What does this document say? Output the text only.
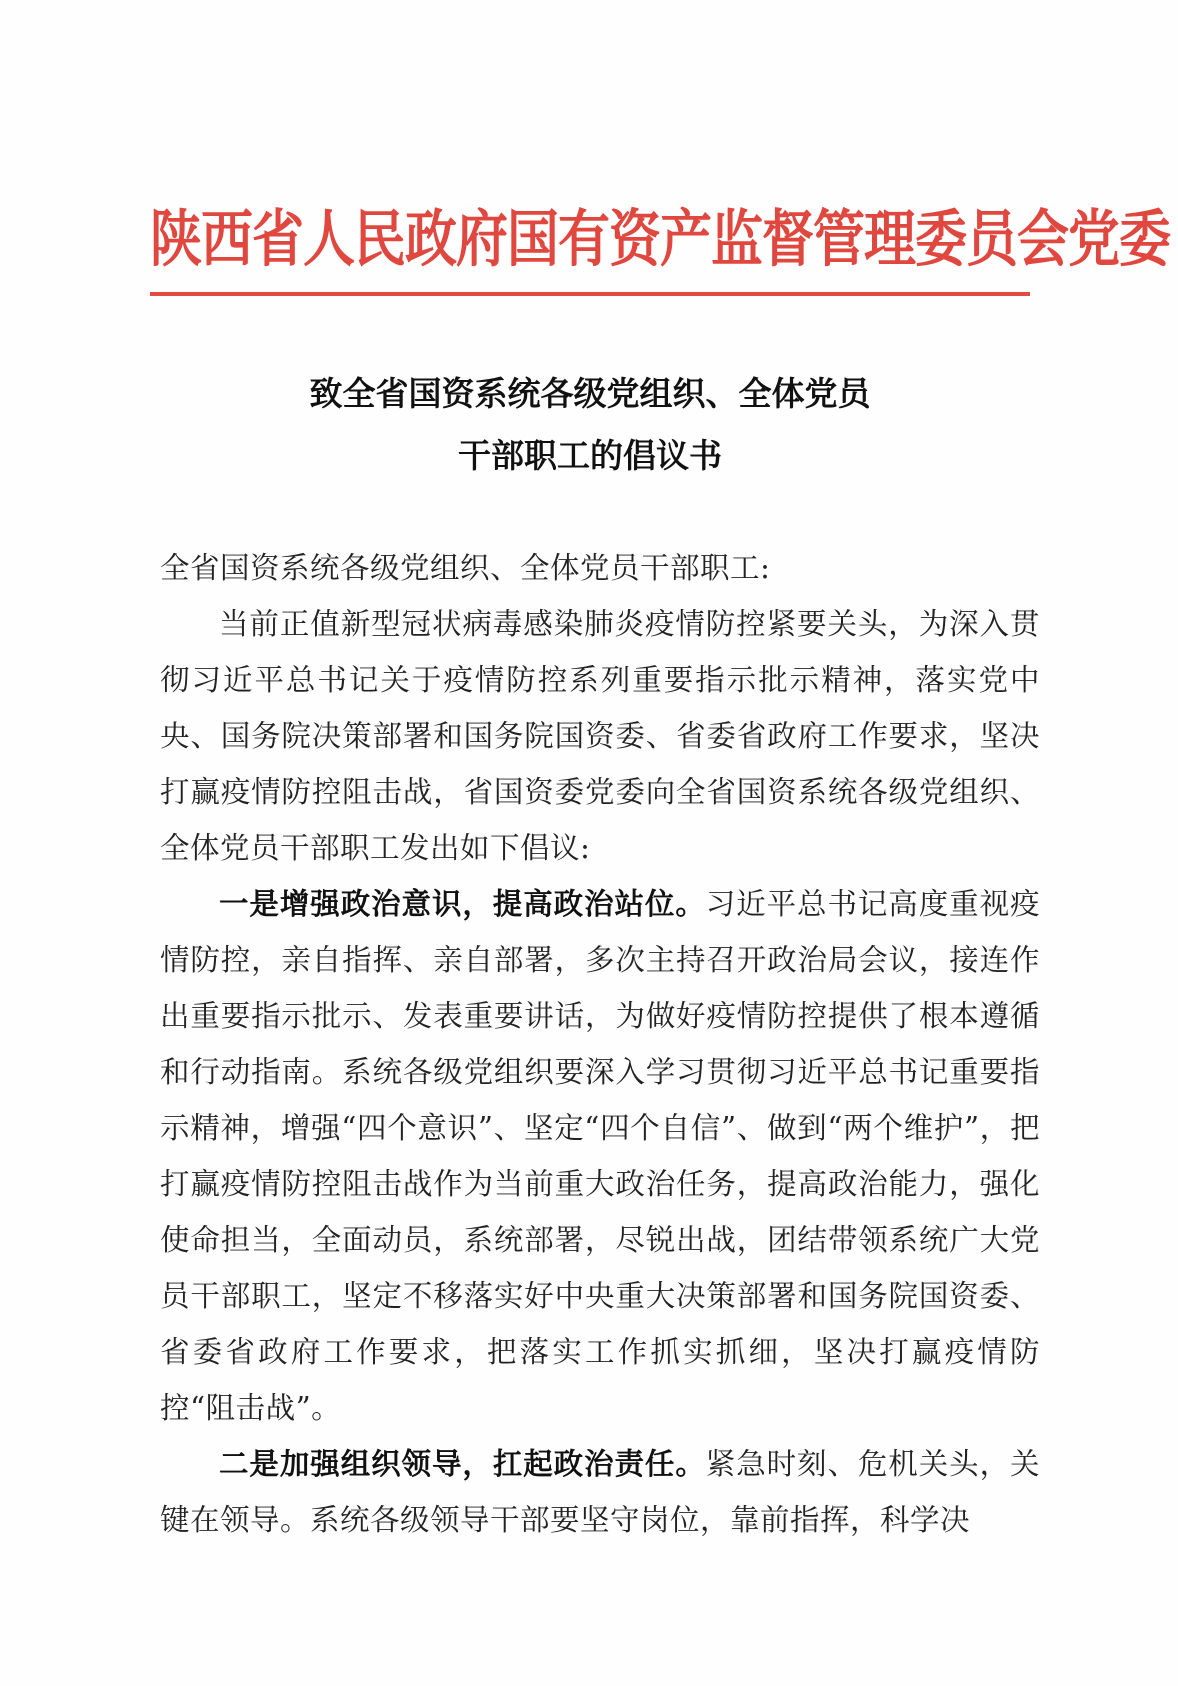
陕西省人民政府国有资产监督管理委员会党委
致全省国资系统各级党组织、全体党员
干部职工的倡议书

全省国资系统各级党组织、全体党员干部职工:

当前正值新型冠状病毒感染肺炎疫情防控紧要关头，为深入贯彻习近平总书记关于疫情防控系列重要指示批示精神，落实党中央、国务院决策部署和国务院国资委、省委省政府工作要求，坚决打赢疫情防控阻击战，省国资委党委向全省国资系统各级党组织、全体党员干部职工发出如下倡议:

一是增强政治意识，提高政治站位。习近平总书记高度重视疫情防控，亲自指挥、亲自部署，多次主持召开政治局会议，接连作出重要指示批示、发表重要讲话，为做好疫情防控提供了根本遵循和行动指南。系统各级党组织要深入学习贯彻习近平总书记重要指示精神，增强“四个意识”、坚定“四个自信”、做到“两个维护”，把打赢疫情防控阻击战作为当前重大政治任务，提高政治能力，强化使命担当，全面动员，系统部署，尽锐出战，团结带领系统广大党员干部职工，坚定不移落实好中央重大决策部署和国务院国资委、省委省政府工作要求，把落实工作抓实抓细，坚决打赢疫情防控“阻击战”。

二是加强组织领导，扛起政治责任。紧急时刻、危机关头，关键在领导。系统各级领导干部要坚守岗位，靠前指挥，科学决
